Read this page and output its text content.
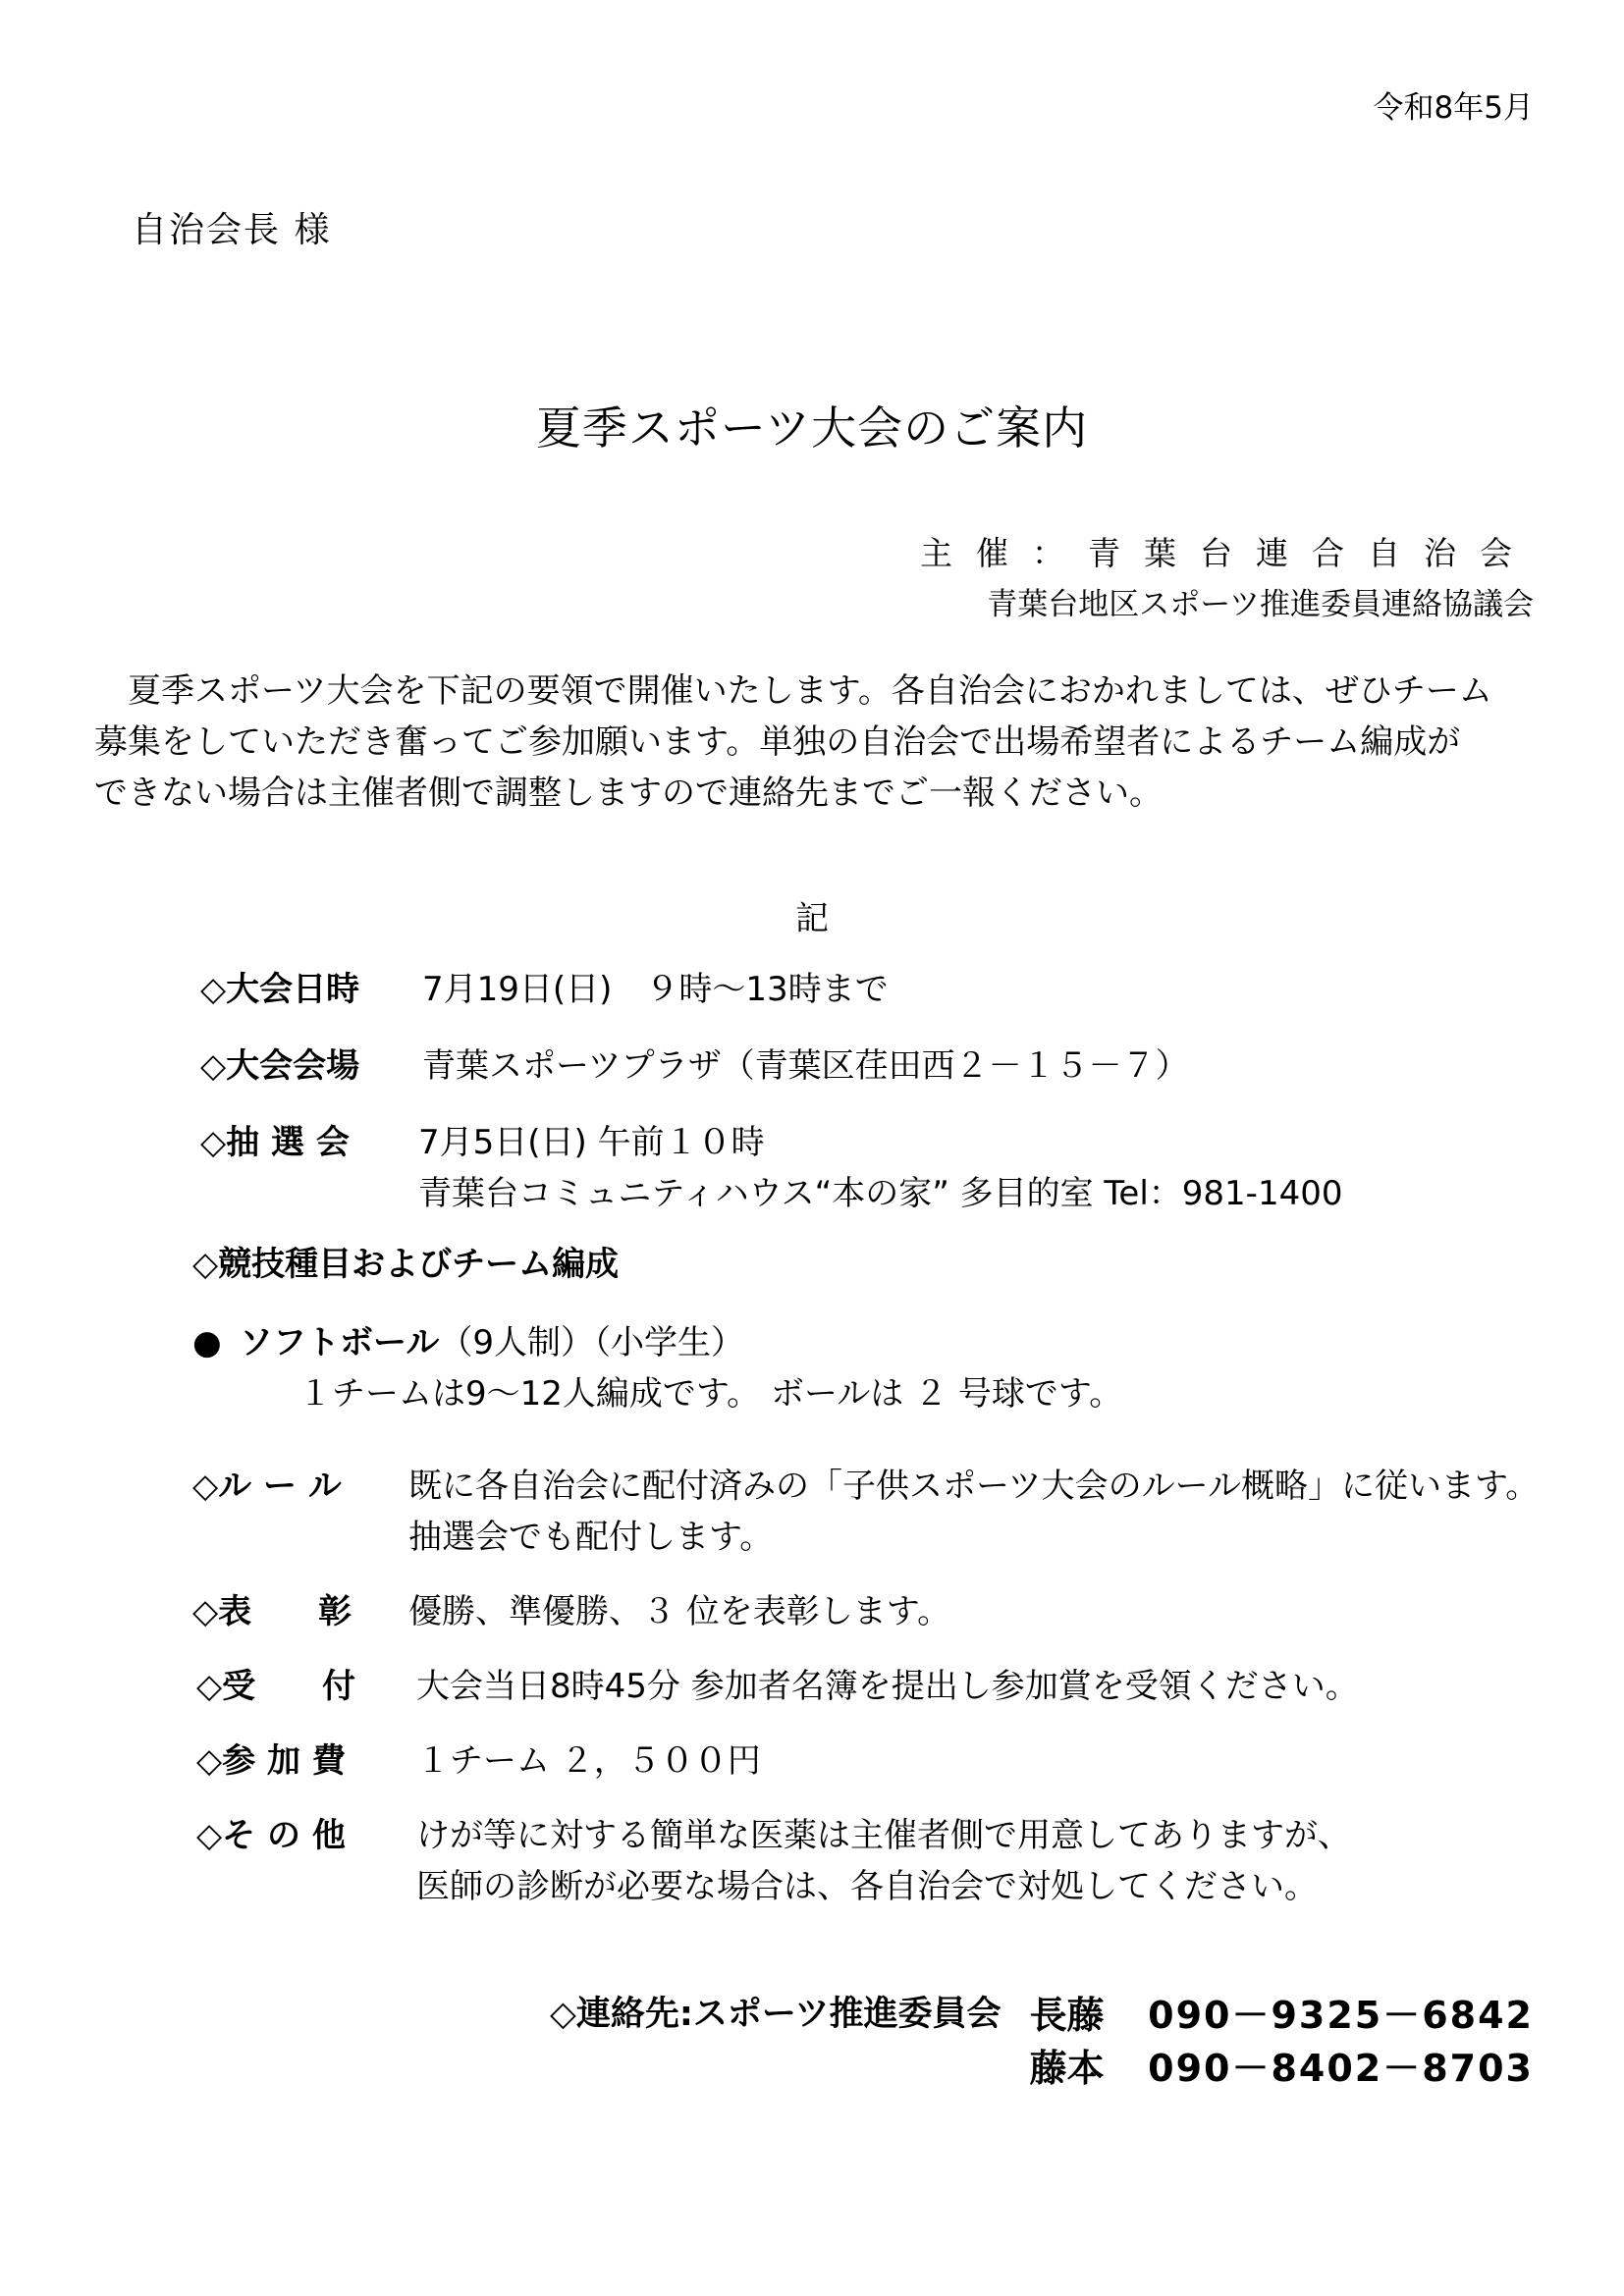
令和8年5月
自治会長 様
夏季スポーツ大会のご案内
主催：青葉台連合自治会
青葉台地区スポーツ推進委員連絡協議会

夏季スポーツ大会を下記の要領で開催いたします。各自治会におかれましては、ぜひチーム

募集をしていただき奮ってご参加願います。単独の自治会で出場希望者によるチーム編成が

できない場合は主催者側で調整しますので連絡先までご一報ください。

記
◇大会日時 7月19日(日)　９時～13時まで
◇大会会場 青葉スポーツプラザ（青葉区荏田西２－１５－７）
◇抽 選 会 7月5日(日) 午前１０時
青葉台コミュニティハウス“本の家” 多目的室 Tel：981-1400
◇競技種目およびチーム編成
● ソフトボール（9人制）（小学生）
１チームは9～12人編成です。 ボールは ２ 号球です。
◇ル ー ル 既に各自治会に配付済みの「子供スポーツ大会のルール概略」に従います。
抽選会でも配付します。
◇表　　彰 優勝、準優勝、３ 位を表彰します。
◇受　　付 大会当日8時45分 参加者名簿を提出し参加賞を受領ください。
◇参 加 費 １チーム ２，５００円
◇そ の 他 けが等に対する簡単な医薬は主催者側で用意してありますが、
医師の診断が必要な場合は、各自治会で対処してください。
◇連絡先:スポーツ推進委員会 長藤 090－9325－6842
藤本 090－8402－8703
